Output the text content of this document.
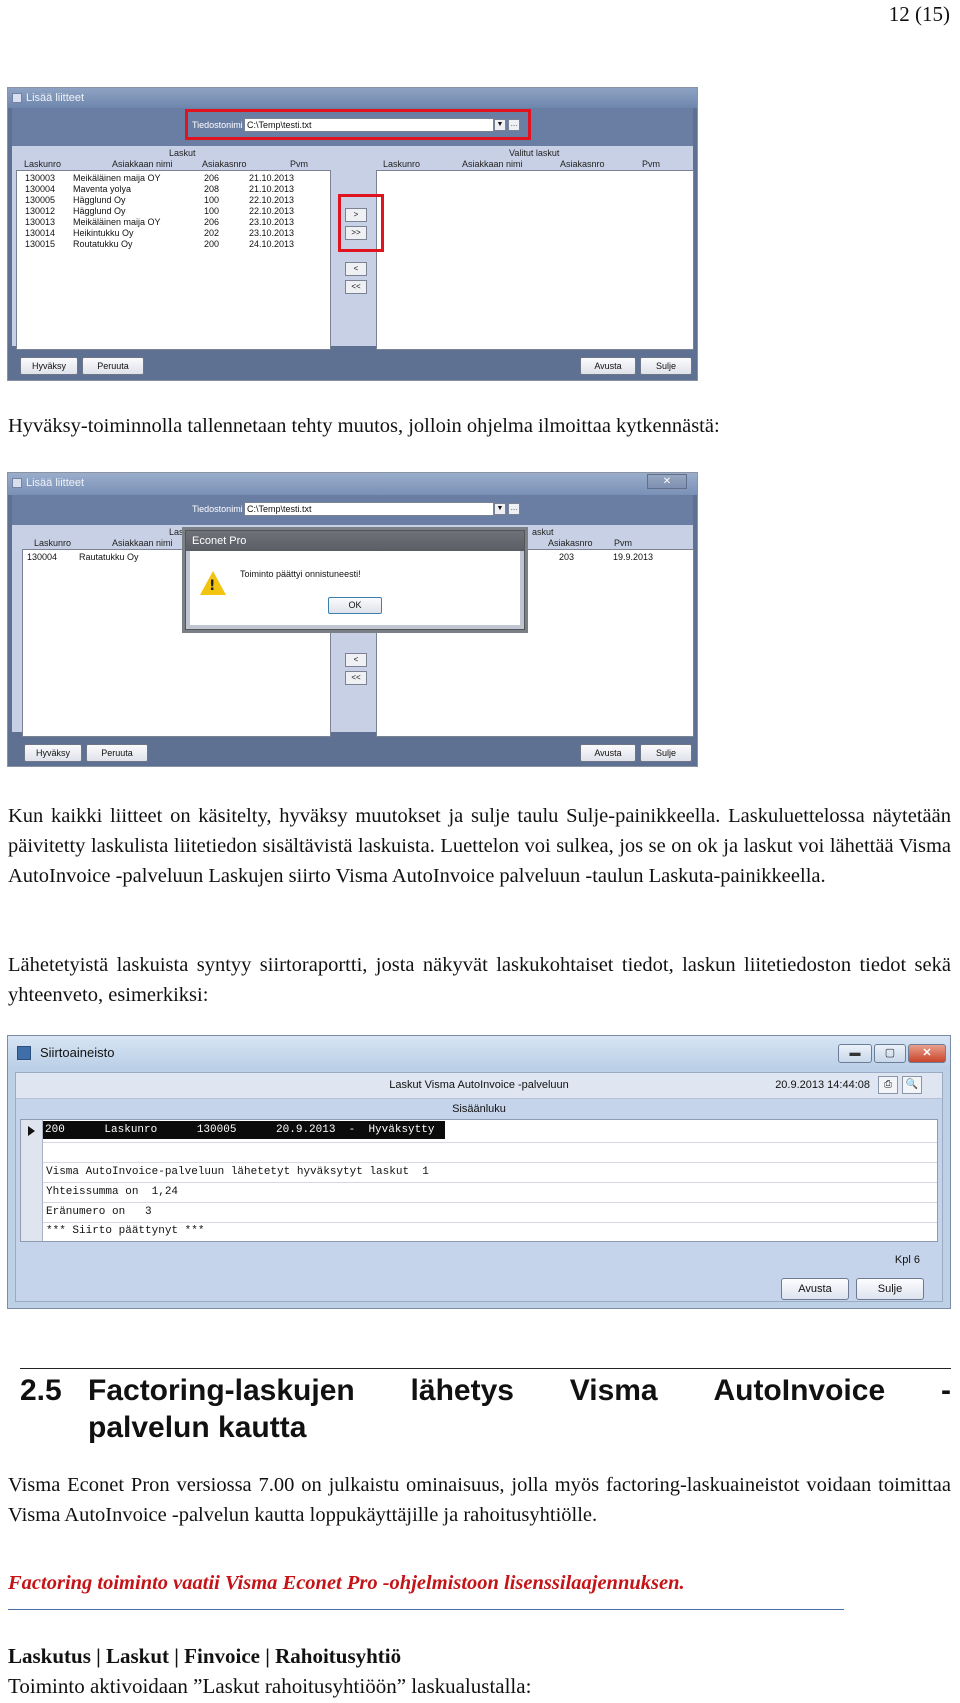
12 (15)
Lisää liitteet
Tiedostonimi C:\Temp\testi.txt	▼	…
Laskut	Valitut laskut
Laskunro	Asiakkaan nimi	Asiakasnro	Pvm	Laskunro	Asiakkaan nimi	Asiakasnro	Pvm
130003 Meikäläinen maija OY	206	21.10.2013
130004 Maventa yolya	208	21.10.2013
130005 Hägglund Oy	100	22.10.2013
130012 Hägglund Oy	100	22.10.2013
130013 Meikäläinen maija OY	206	23.10.2013
130014 Heikintukku Oy	202	23.10.2013
130015 Routatukku Oy	200	24.10.2013
>
>>
<
<<
Hyväksy	Peruuta	Avusta	Sulje
Hyväksy-toiminnolla tallennetaan tehty muutos, jolloin ohjelma ilmoittaa kytkennästä:
Lisää liitteet	✕
Tiedostonimi C:\Temp\testi.txt	▼	…
Las	askut
Laskunro	Asiakkaan nimi	Asiakasnro Pvm
130004 Rautatukku Oy	203	19.9.2013
<
<<
Hyväksy	Peruuta	Avusta	Sulje
Econet Pro
!
Toiminto päättyi onnistuneesti!
OK
Kun kaikki liitteet on käsitelty, hyväksy muutokset ja sulje taulu Sulje-painikkeella. Laskuluettelossa näytetään päivitetty laskulista liitetiedon sisältävistä laskuista. Luettelon voi sulkea, jos se on ok ja laskut voi lähettää Visma AutoInvoice -palveluun Laskujen siirto Visma AutoInvoice palveluun -taulun Laskuta-painikkeella.
Lähetetyistä laskuista syntyy siirtoraportti, josta näkyvät laskukohtaiset tiedot, laskun liitetiedoston tiedot sekä yhteenveto, esimerkiksi:
Siirtoaineisto	▬	▢	✕
Laskut Visma AutoInvoice -palveluun	20.9.2013 14:44:08	⎙	🔍
Sisäänluku
200      Laskunro      130005      20.9.2013  -  Hyväksytty
Visma AutoInvoice-palveluun lähetetyt hyväksytyt laskut  1
Yhteissumma on  1,24
Eränumero on   3
*** Siirto päättynyt ***
Kpl 6
Avusta	Sulje
2.5 Factoring-laskujen lähetys Visma AutoInvoice -
palvelun kautta
Visma Econet Pron versiossa 7.00 on julkaistu ominaisuus, jolla myös factoring-laskuaineistot voidaan toimittaa Visma AutoInvoice -palvelun kautta loppukäyttäjille ja rahoitusyhtiölle.
Factoring toiminto vaatii Visma Econet Pro -ohjelmistoon lisenssilaajennuksen.
Laskutus | Laskut | Finvoice | Rahoitusyhtiö
Toiminto aktivoidaan ”Laskut rahoitusyhtiöön” laskualustalla:
